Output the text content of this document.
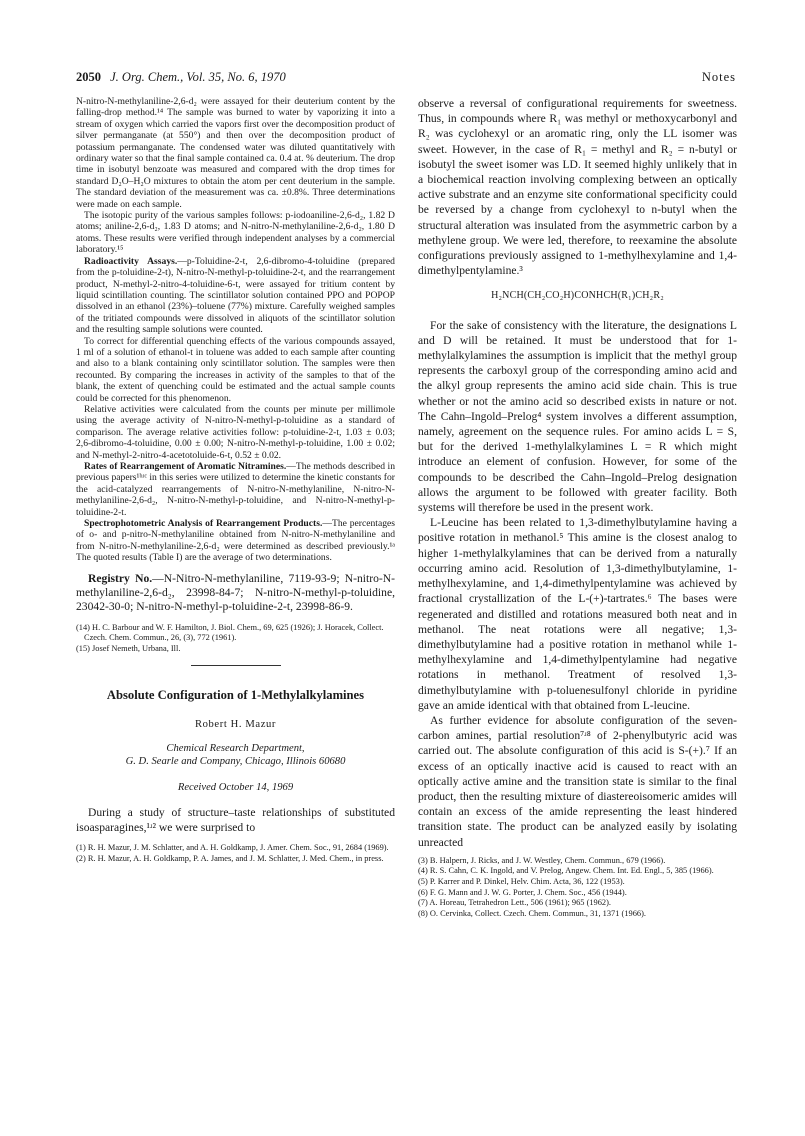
2050 J. Org. Chem., Vol. 35, No. 6, 1970	Notes

N-nitro-N-methylaniline-2,6-d₂ were assayed for their deuterium content by the falling-drop method.¹⁴ The sample was burned to water by vaporizing it into a stream of oxygen which carried the vapors first over the decomposition product of silver permanganate (at 550°) and then over the decomposition product of potassium permanganate. The condensed water was diluted quantitatively with ordinary water so that the final sample contained ca. 0.4 at. % deuterium. The drop time in isobutyl benzoate was measured and compared with the drop times for standard D₂O–H₂O mixtures to obtain the atom per cent deuterium in the sample. The standard deviation of the measurement was ca. ±0.8%. Three determinations were made on each sample.

The isotopic purity of the various samples follows: p-iodoaniline-2,6-d₂, 1.82 D atoms; aniline-2,6-d₂, 1.83 D atoms; and N-nitro-N-methylaniline-2,6-d₂, 1.80 D atoms. These results were verified through independent analyses by a commercial laboratory.¹⁵

Radioactivity Assays.—p-Toluidine-2-t, 2,6-dibromo-4-toluidine (prepared from the p-toluidine-2-t), N-nitro-N-methyl-p-toluidine-2-t, and the rearrangement product, N-methyl-2-nitro-4-toluidine-6-t, were assayed for tritium content by liquid scintillation counting. The scintillator solution contained PPO and POPOP dissolved in an ethanol (23%)–toluene (77%) mixture. Carefully weighed samples of the tritiated compounds were dissolved in aliquots of the scintillator solution and the resulting sample solutions were counted.

To correct for differential quenching effects of the various compounds assayed, 1 ml of a solution of ethanol-t in toluene was added to each sample after counting and also to a blank containing only scintillator solution. The samples were then recounted. By comparing the increases in activity of the samples to that of the blank, the extent of quenching could be estimated and the actual sample counts could be corrected for this phenomenon.

Relative activities were calculated from the counts per minute per millimole using the average activity of N-nitro-N-methyl-p-toluidine as a standard of comparison. The average relative activities follow: p-toluidine-2-t, 1.03 ± 0.03; 2,6-dibromo-4-toluidine, 0.00 ± 0.00; N-nitro-N-methyl-p-toluidine, 1.00 ± 0.02; and N-methyl-2-nitro-4-acetotoluide-6-t, 0.52 ± 0.02.

Rates of Rearrangement of Aromatic Nitramines.—The methods described in previous papers¹ᵇʴᶜ in this series were utilized to determine the kinetic constants for the acid-catalyzed rearrangements of N-nitro-N-methylaniline, N-nitro-N-methylaniline-2,6-d₂, N-nitro-N-methyl-p-toluidine, and N-nitro-N-methyl-p-toluidine-2-t.

Spectrophotometric Analysis of Rearrangement Products.—The percentages of o- and p-nitro-N-methylaniline obtained from N-nitro-N-methylaniline and from N-nitro-N-methylaniline-2,6-d₂ were determined as described previously.¹ᵃ The quoted results (Table I) are the average of two determinations.

Registry No.—N-Nitro-N-methylaniline, 7119-93-9; N-nitro-N-methylaniline-2,6-d₂, 23998-84-7; N-nitro-N-methyl-p-toluidine, 23042-30-0; N-nitro-N-methyl-p-toluidine-2-t, 23998-86-9.

(14) H. C. Barbour and W. F. Hamilton, J. Biol. Chem., 69, 625 (1926); J. Horacek, Collect. Czech. Chem. Commun., 26, (3), 772 (1961).

(15) Josef Nemeth, Urbana, Ill.

Absolute Configuration of 1-Methylalkylamines
Robert H. Mazur
Chemical Research Department,
G. D. Searle and Company, Chicago, Illinois 60680
Received October 14, 1969

During a study of structure–taste relationships of substituted isoasparagines,¹ʴ² we were surprised to

(1) R. H. Mazur, J. M. Schlatter, and A. H. Goldkamp, J. Amer. Chem. Soc., 91, 2684 (1969).

(2) R. H. Mazur, A. H. Goldkamp, P. A. James, and J. M. Schlatter, J. Med. Chem., in press.

observe a reversal of configurational requirements for sweetness. Thus, in compounds where R₁ was methyl or methoxycarbonyl and R₂ was cyclohexyl or an aromatic ring, only the LL isomer was sweet. However, in the case of R₁ = methyl and R₂ = n-butyl or isobutyl the sweet isomer was LD. It seemed highly unlikely that in a biochemical reaction involving complexing between an optically active substrate and an enzyme site conformational specificity could be reversed by a change from cyclohexyl to n-butyl when the structural alteration was insulated from the asymmetric carbon by a methylene group. We were led, therefore, to reexamine the absolute configurations previously assigned to 1-methylhexylamine and 1,4-dimethylpentylamine.³

H₂NCH(CH₂CO₂H)CONHCH(R₁)CH₂R₂

For the sake of consistency with the literature, the designations L and D will be retained. It must be understood that for 1-methylalkylamines the assumption is implicit that the methyl group represents the carboxyl group of the corresponding amino acid and the alkyl group represents the amino acid side chain. This is true whether or not the amino acid so described exists in nature or not. The Cahn–Ingold–Prelog⁴ system involves a different assumption, namely, agreement on the sequence rules. For amino acids L = S, but for the derived 1-methylalkylamines L = R which might introduce an element of confusion. However, for some of the compounds to be described the Cahn–Ingold–Prelog designation allows the argument to be followed with greater facility. Both systems will therefore be used in the present work.

L-Leucine has been related to 1,3-dimethylbutylamine having a positive rotation in methanol.⁵ This amine is the closest analog to higher 1-methylalkylamines that can be derived from a naturally occurring amino acid. Resolution of 1,3-dimethylbutylamine, 1-methylhexylamine, and 1,4-dimethylpentylamine was achieved by fractional crystallization of the L-(+)-tartrates.⁶ The bases were regenerated and distilled and rotations measured both neat and in methanol. The neat rotations were all negative; 1,3-dimethylbutylamine had a positive rotation in methanol while 1-methylhexylamine and 1,4-dimethylpentylamine had negative rotations in methanol. Treatment of resolved 1,3-dimethylbutylamine with p-toluenesulfonyl chloride in pyridine gave an amide identical with that obtained from L-leucine.

As further evidence for absolute configuration of the seven-carbon amines, partial resolution⁷ʴ⁸ of 2-phenylbutyric acid was carried out. The absolute configuration of this acid is S-(+).⁷ If an excess of an optically inactive acid is caused to react with an optically active amine and the transition state is similar to the final product, then the resulting mixture of diastereoisomeric amides will contain an excess of the amide representing the least hindered transition state. The product can be analyzed easily by isolating unreacted

(3) B. Halpern, J. Ricks, and J. W. Westley, Chem. Commun., 679 (1966).

(4) R. S. Cahn, C. K. Ingold, and V. Prelog, Angew. Chem. Int. Ed. Engl., 5, 385 (1966).

(5) P. Karrer and P. Dinkel, Helv. Chim. Acta, 36, 122 (1953).

(6) F. G. Mann and J. W. G. Porter, J. Chem. Soc., 456 (1944).

(7) A. Horeau, Tetrahedron Lett., 506 (1961); 965 (1962).

(8) O. Cervinka, Collect. Czech. Chem. Commun., 31, 1371 (1966).
